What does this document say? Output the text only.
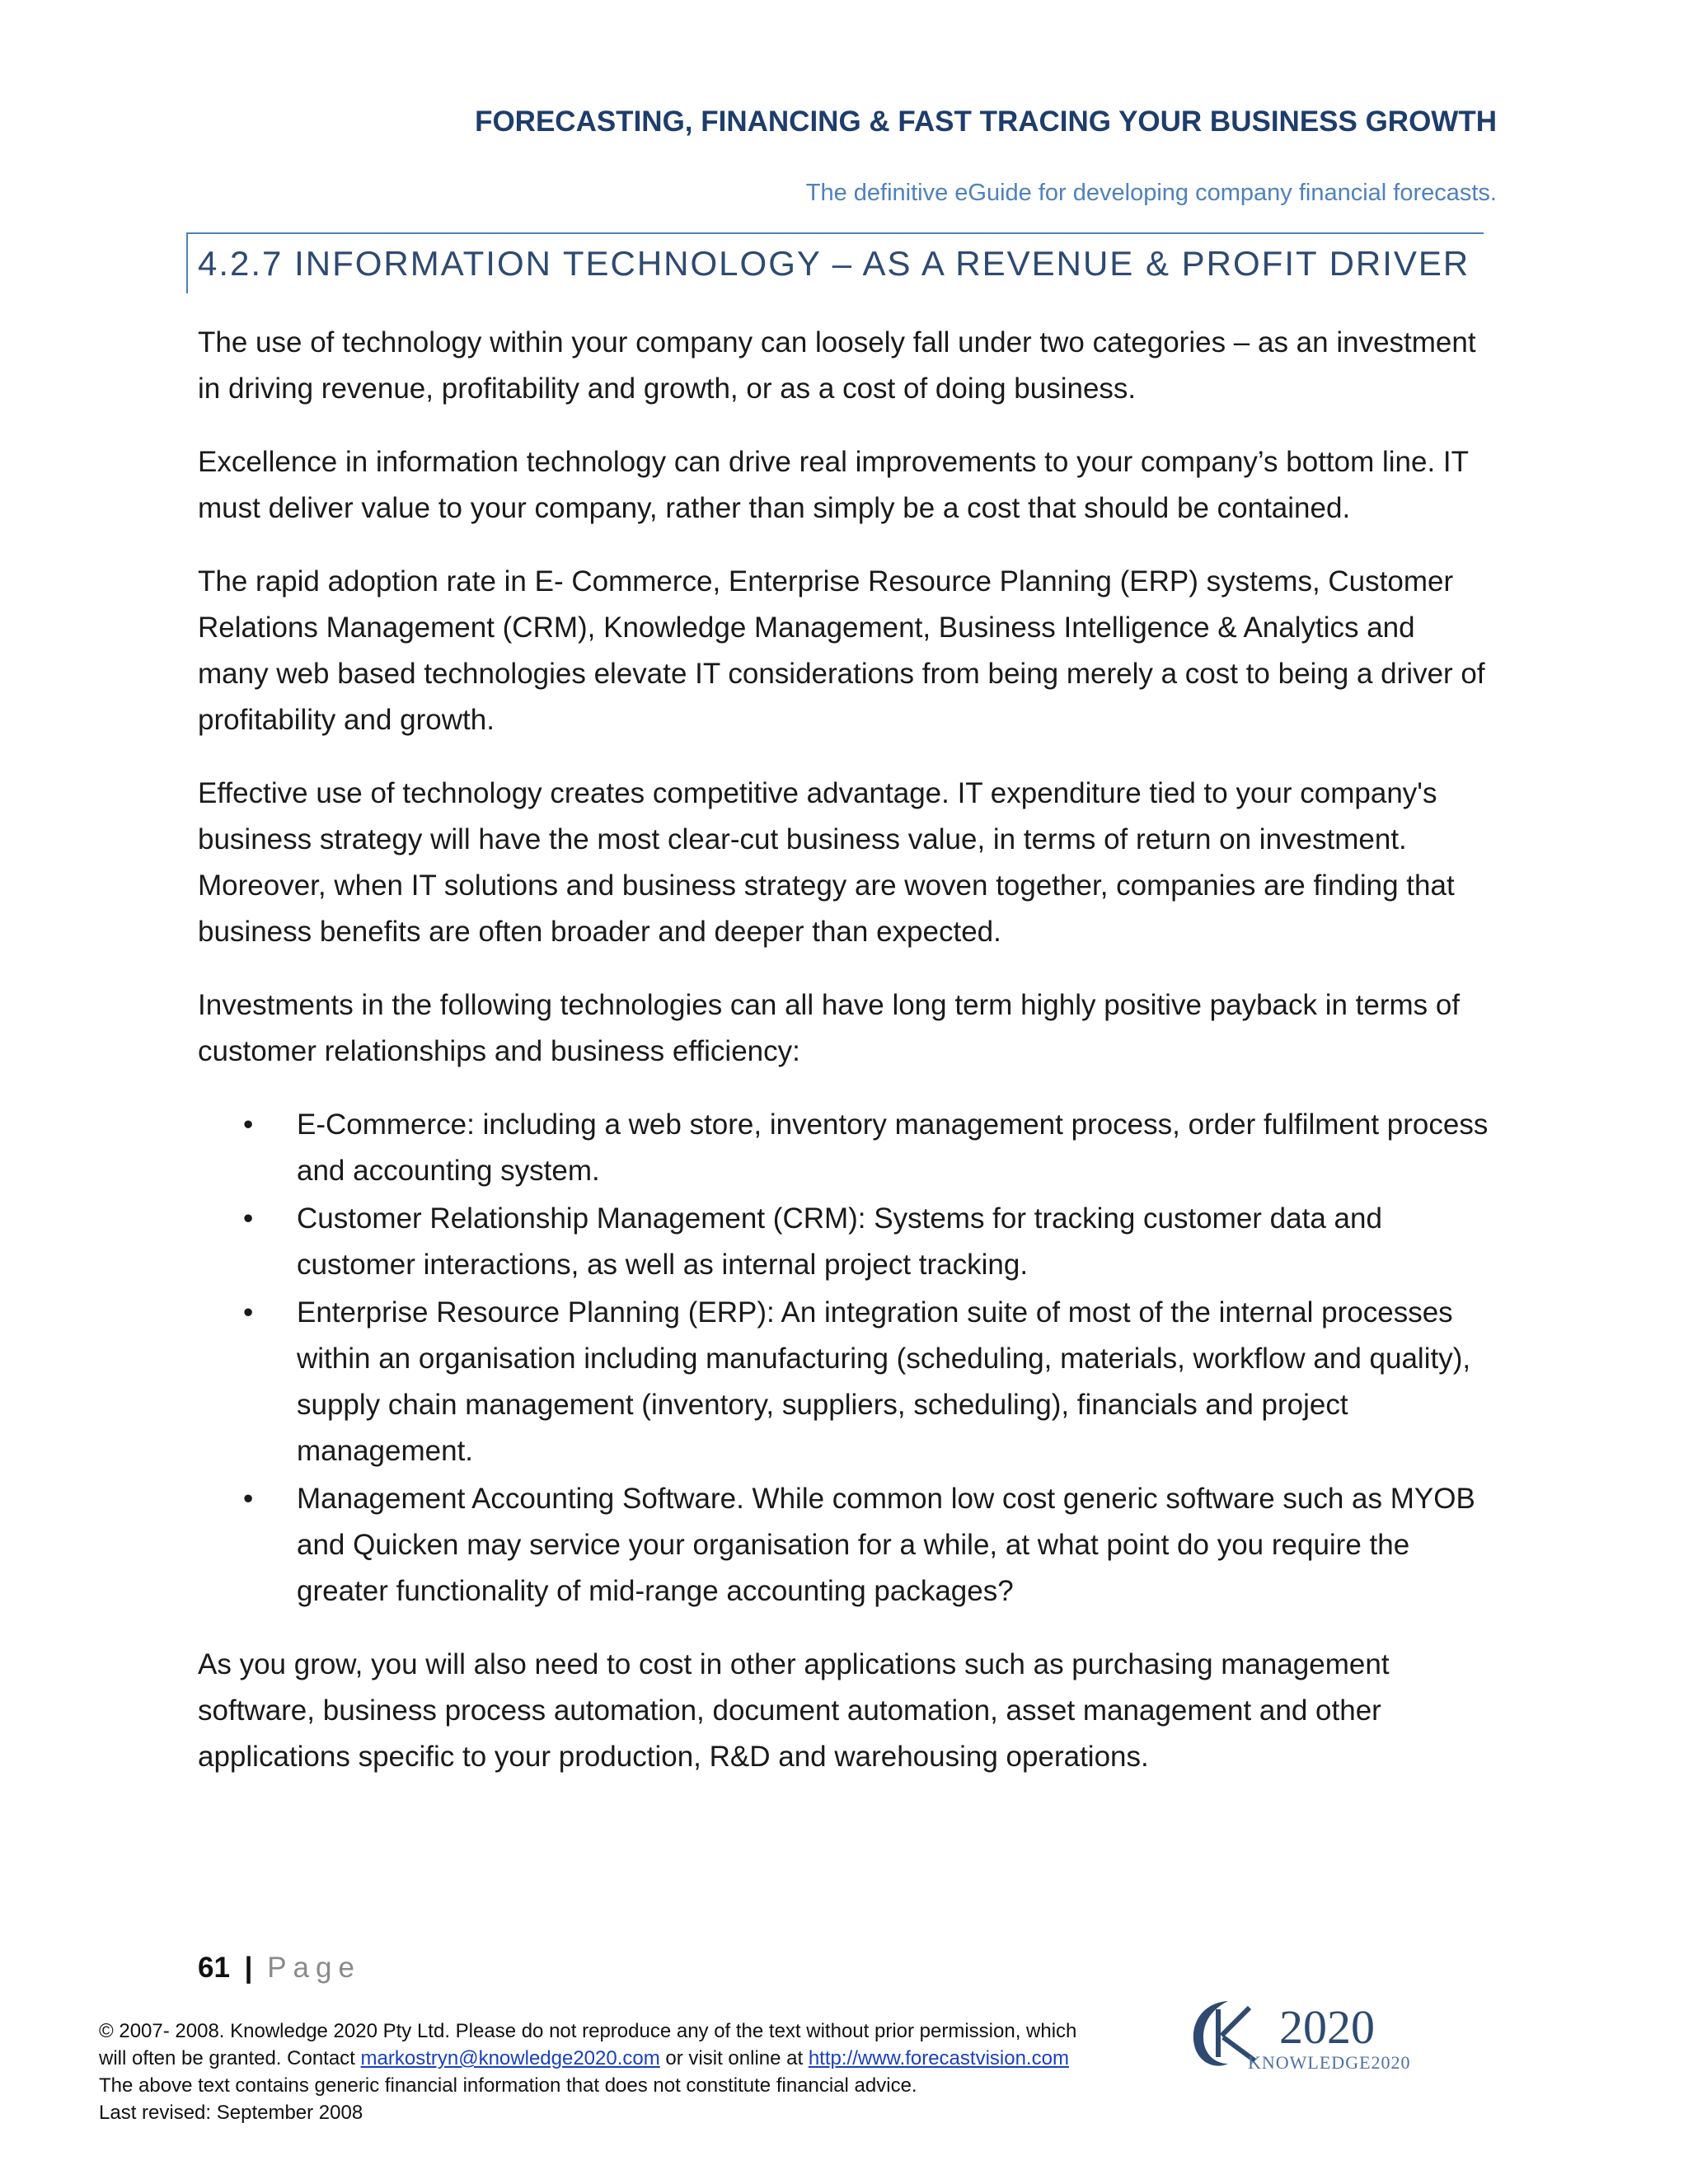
FORECASTING, FINANCING & FAST TRACING YOUR BUSINESS GROWTH
The definitive eGuide for developing company financial forecasts.
4.2.7 INFORMATION TECHNOLOGY – AS A REVENUE & PROFIT DRIVER

The use of technology within your company can loosely fall under two categories – as an investment in driving revenue, profitability and growth, or as a cost of doing business.

Excellence in information technology can drive real improvements to your company’s bottom line. IT must deliver value to your company, rather than simply be a cost that should be contained.

The rapid adoption rate in E- Commerce, Enterprise Resource Planning (ERP) systems, Customer Relations Management (CRM), Knowledge Management, Business Intelligence & Analytics and many web based technologies elevate IT considerations from being merely a cost to being a driver of profitability and growth.

Effective use of technology creates competitive advantage. IT expenditure tied to your company's business strategy will have the most clear-cut business value, in terms of return on investment. Moreover, when IT solutions and business strategy are woven together, companies are finding that business benefits are often broader and deeper than expected.

Investments in the following technologies can all have long term highly positive payback in terms of customer relationships and business efficiency:

• E-Commerce: including a web store, inventory management process, order fulfilment process and accounting system.
• Customer Relationship Management (CRM): Systems for tracking customer data and customer interactions, as well as internal project tracking.
• Enterprise Resource Planning (ERP): An integration suite of most of the internal processes within an organisation including manufacturing (scheduling, materials, workflow and quality), supply chain management (inventory, suppliers, scheduling), financials and project management.
• Management Accounting Software. While common low cost generic software such as MYOB and Quicken may service your organisation for a while, at what point do you require the greater functionality of mid-range accounting packages?

As you grow, you will also need to cost in other applications such as purchasing management software, business process automation, document automation, asset management and other applications specific to your production, R&D and warehousing operations.

61 | Page
© 2007- 2008. Knowledge 2020 Pty Ltd. Please do not reproduce any of the text without prior permission, which
will often be granted. Contact markostryn@knowledge2020.com or visit online at http://www.forecastvision.com
The above text contains generic financial information that does not constitute financial advice.
Last revised: September 2008
2020
KNOWLEDGE2020
